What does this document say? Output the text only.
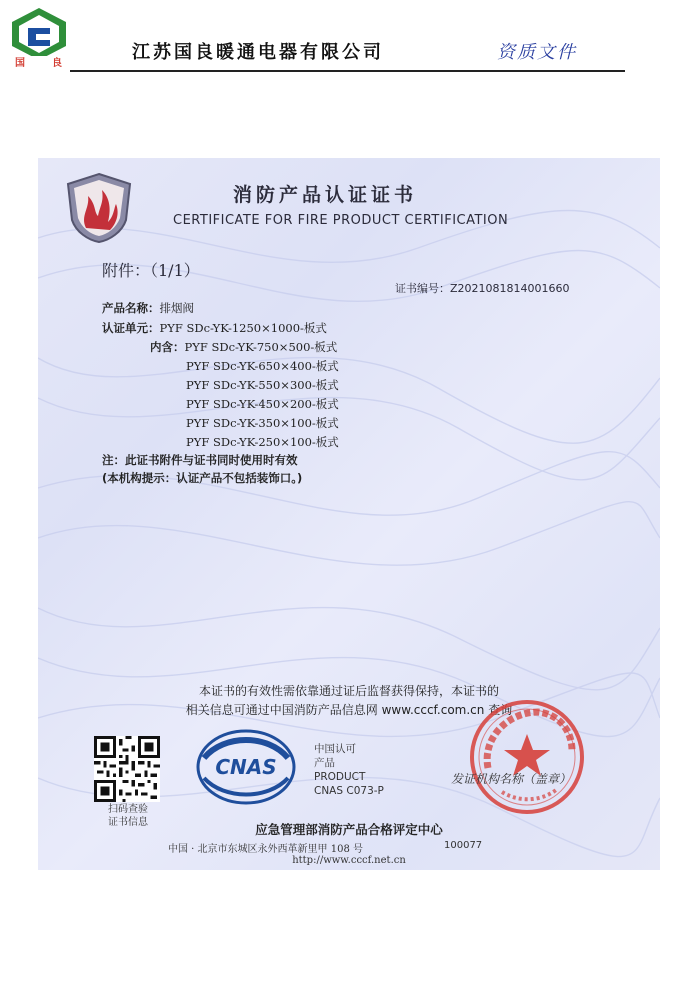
国	良
江苏国良暖通电器有限公司	资质文件
消防产品认证证书
CERTIFICATE FOR FIRE PRODUCT CERTIFICATION
附件：（1/1）
证书编号：Z2021081814001660
产品名称：排烟阀
认证单元：PYF SDc-YK-1250×1000-板式
内含：PYF SDc-YK-750×500-板式
PYF SDc-YK-650×400-板式
PYF SDc-YK-550×300-板式
PYF SDc-YK-450×200-板式
PYF SDc-YK-350×100-板式
PYF SDc-YK-250×100-板式
注：此证书附件与证书同时使用时有效
(本机构提示：认证产品不包括装饰口。)
本证书的有效性需依靠通过证后监督获得保持，本证书的
相关信息可通过中国消防产品信息网 www.cccf.com.cn 查询
扫码查验
证书信息
CNAS
中国认可
产品
PRODUCT
CNAS C073-P
发证机构名称（盖章）
应急管理部消防产品合格评定中心
中国 · 北京市东城区永外西革新里甲 108 号	100077
http://www.cccf.net.cn
